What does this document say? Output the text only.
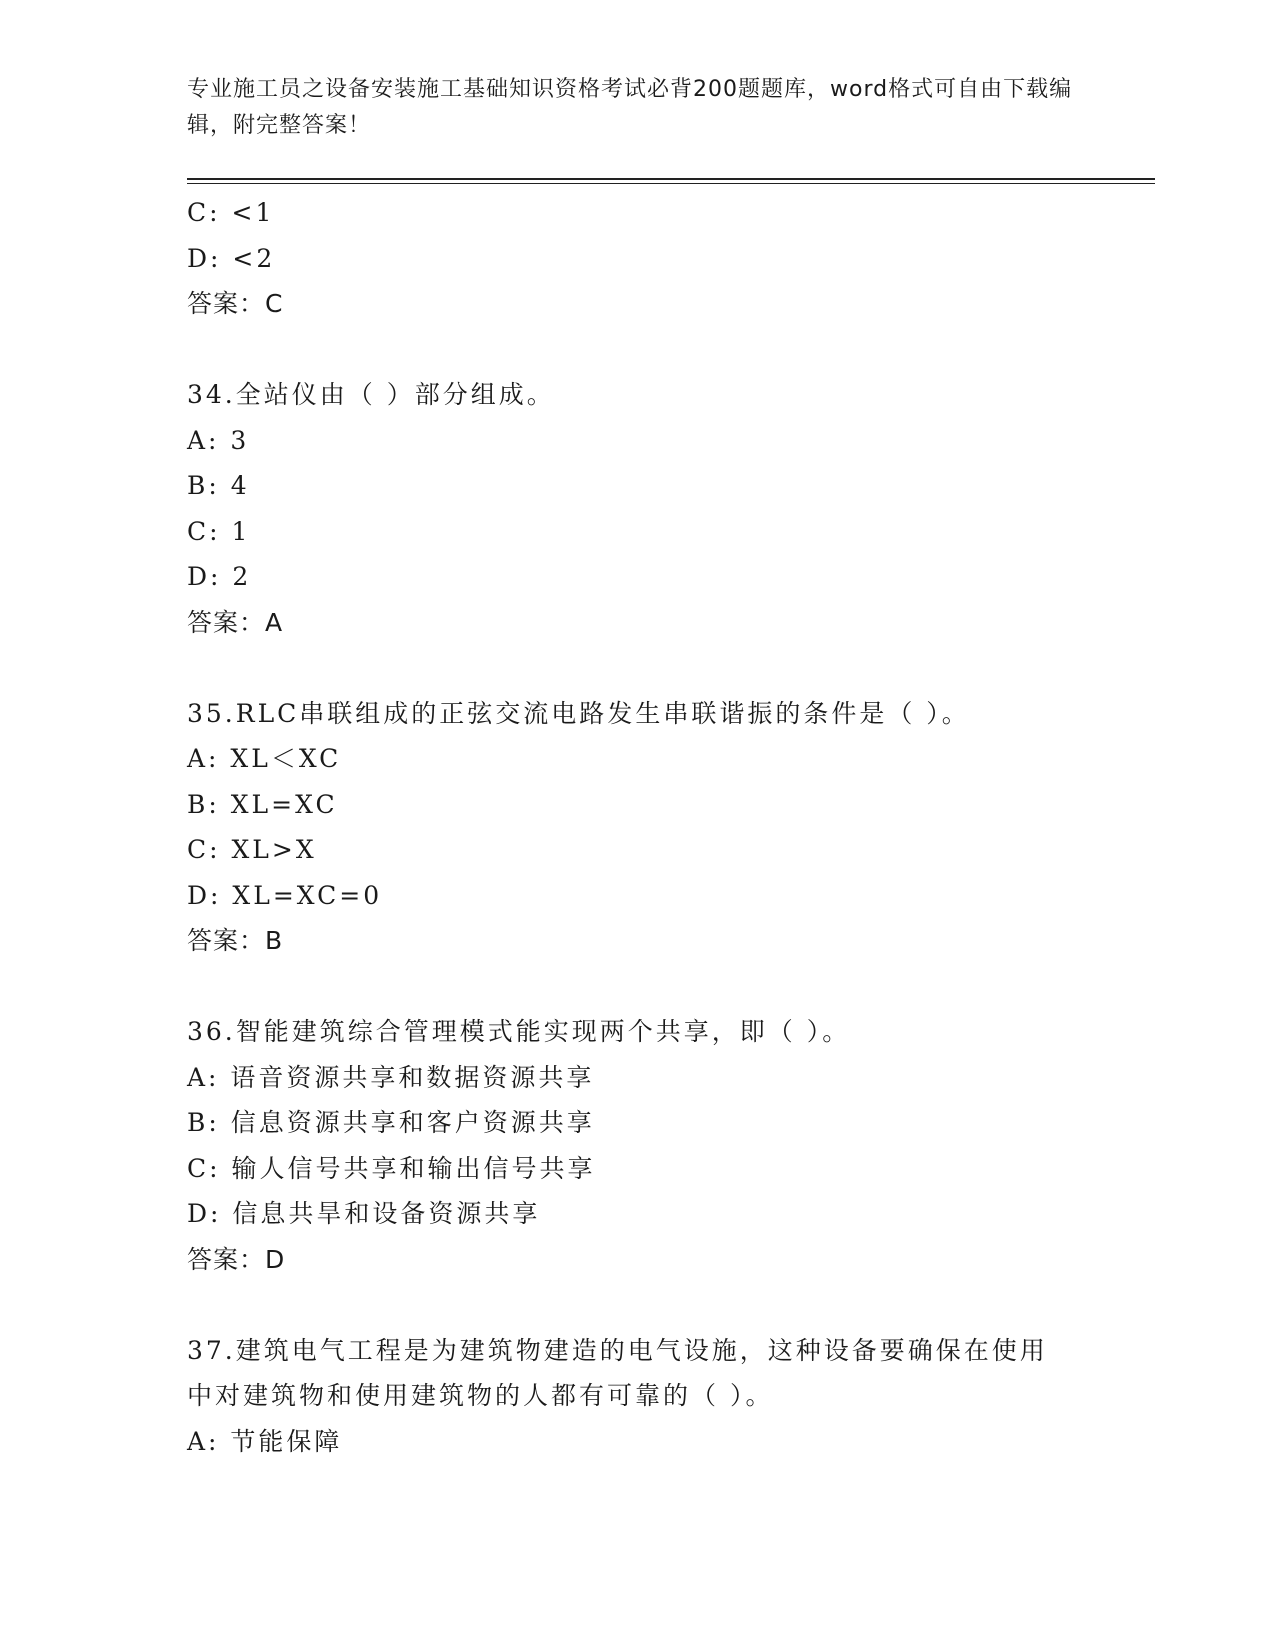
专业施工员之设备安装施工基础知识资格考试必背200题题库，word格式可自由下载编辑，附完整答案！
C: <1
D: <2
答案：C
34.全站仪由（ ）部分组成。
A: 3
B: 4
C: 1
D: 2
答案：A
35.RLC串联组成的正弦交流电路发生串联谐振的条件是（ ）。
A: XL＜XC
B: XL=XC
C: XL>X
D: XL=XC=0
答案：B
36.智能建筑综合管理模式能实现两个共享，即（ ）。
A: 语音资源共享和数据资源共享
B: 信息资源共享和客户资源共享
C: 输人信号共享和输出信号共享
D: 信息共旱和设备资源共享
答案：D
37.建筑电气工程是为建筑物建造的电气设施，这种设备要确保在使用中对建筑物和使用建筑物的人都有可靠的（ ）。
A: 节能保障
